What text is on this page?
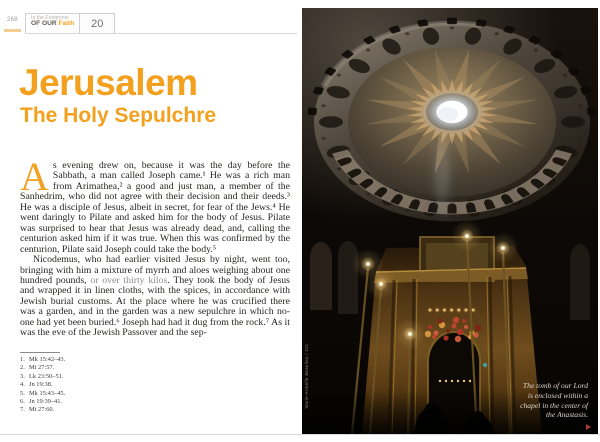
268	In the Footprints
OF OUR Faith 20
Jerusalem
The Holy Sepulchre

As evening drew on, because it was the day before the Sabbath, a man called Joseph came.¹ He was a rich man from Arimathea,² a good and just man, a member of the Sanhedrim, who did not agree with their decision and their deeds.³ He was a disciple of Jesus, albeit in secret, for fear of the Jews.⁴ He went daringly to Pilate and asked him for the body of Jesus. Pilate was surprised to hear that Jesus was already dead, and, calling the centurion asked him if it was true. When this was confirmed by the centurion, Pilate said Joseph could take the body.⁵

Nicodemus, who had earlier visited Jesus by night, went too, bringing with him a mixture of myrrh and aloes weighing about one hundred pounds, or over thirty kilos. They took the body of Jesus and wrapped it in linen cloths, with the spices, in accordance with Jewish burial customs. At the place where he was crucified there was a garden, and in the garden was a new sepulchre in which no-one had yet been buried.⁶ Joseph had had it dug from the rock.⁷ As it was the eve of the Jewish Passover and the sep-

1. Mk 15:42–43.
2. Mt 27:57.
3. Lk 23:50–51.
4. Jn 19:38.
5. Mk 15:43–45.
6. Jn 19:39–41.
7. Mt 27:60.
Marie-Armelle Beaulieu / Cts	The tomb of our Lord is enclosed within a chapel in the center of the Anastasis.
